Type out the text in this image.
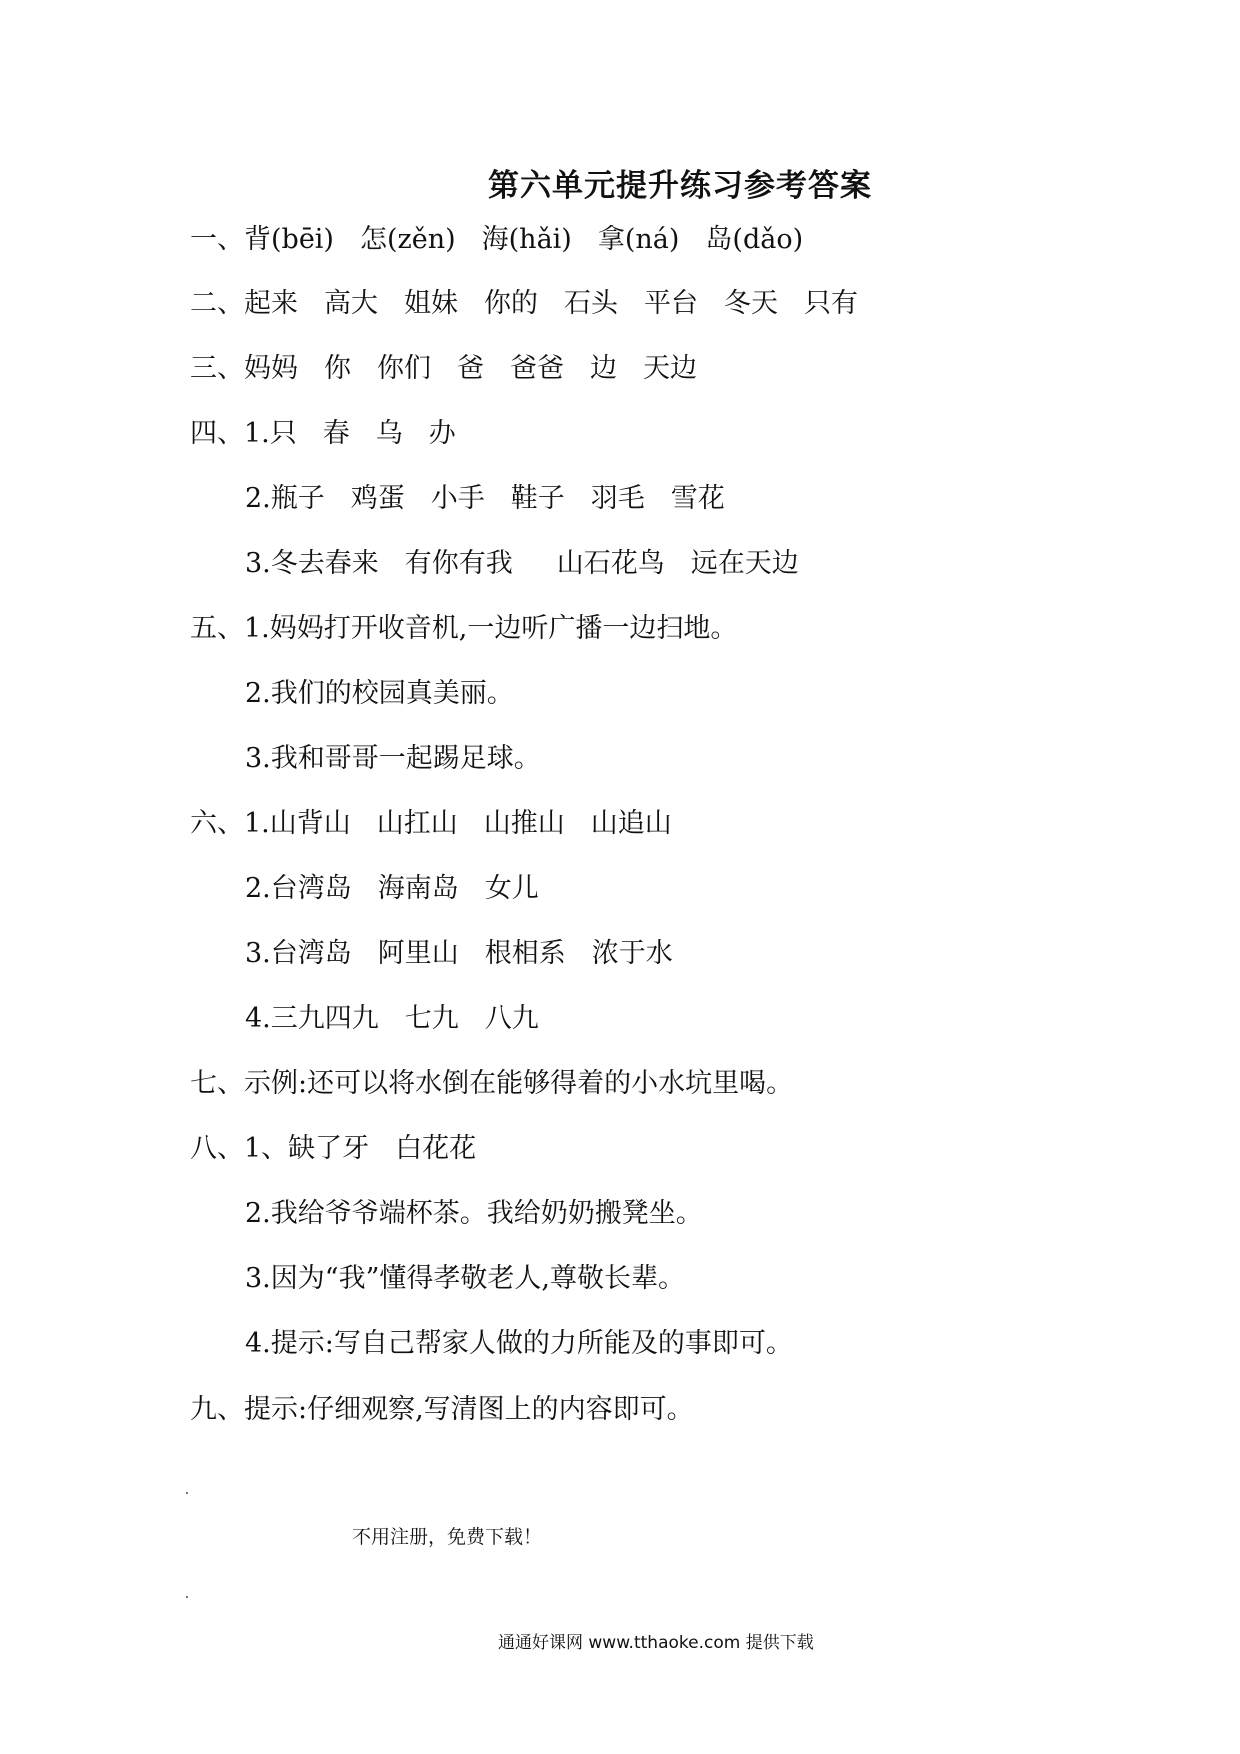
第六单元提升练习参考答案
一、背(bēi) 怎(zěn) 海(hǎi) 拿(ná) 岛(dǎo)
二、起来 高大 姐妹 你的 石头 平台 冬天 只有
三、妈妈 你 你们 爸 爸爸 边 天边
四、1.只 春 乌 办
2.瓶子 鸡蛋 小手 鞋子 羽毛 雪花
3.冬去春来 有你有我 山石花鸟 远在天边
五、1.妈妈打开收音机,一边听广播一边扫地。
2.我们的校园真美丽。
3.我和哥哥一起踢足球。
六、1.山背山 山扛山 山推山 山追山
2.台湾岛 海南岛 女儿
3.台湾岛 阿里山 根相系 浓于水
4.三九四九 七九 八九
七、示例:还可以将水倒在能够得着的小水坑里喝。
八、1、缺了牙 白花花
2.我给爷爷端杯茶。我给奶奶搬凳坐。
3.因为“我”懂得孝敬老人,尊敬长辈。
4.提示:写自己帮家人做的力所能及的事即可。
九、提示:仔细观察,写清图上的内容即可。
不用注册，免费下载！
通通好课网 www.tthaoke.com 提供下载
